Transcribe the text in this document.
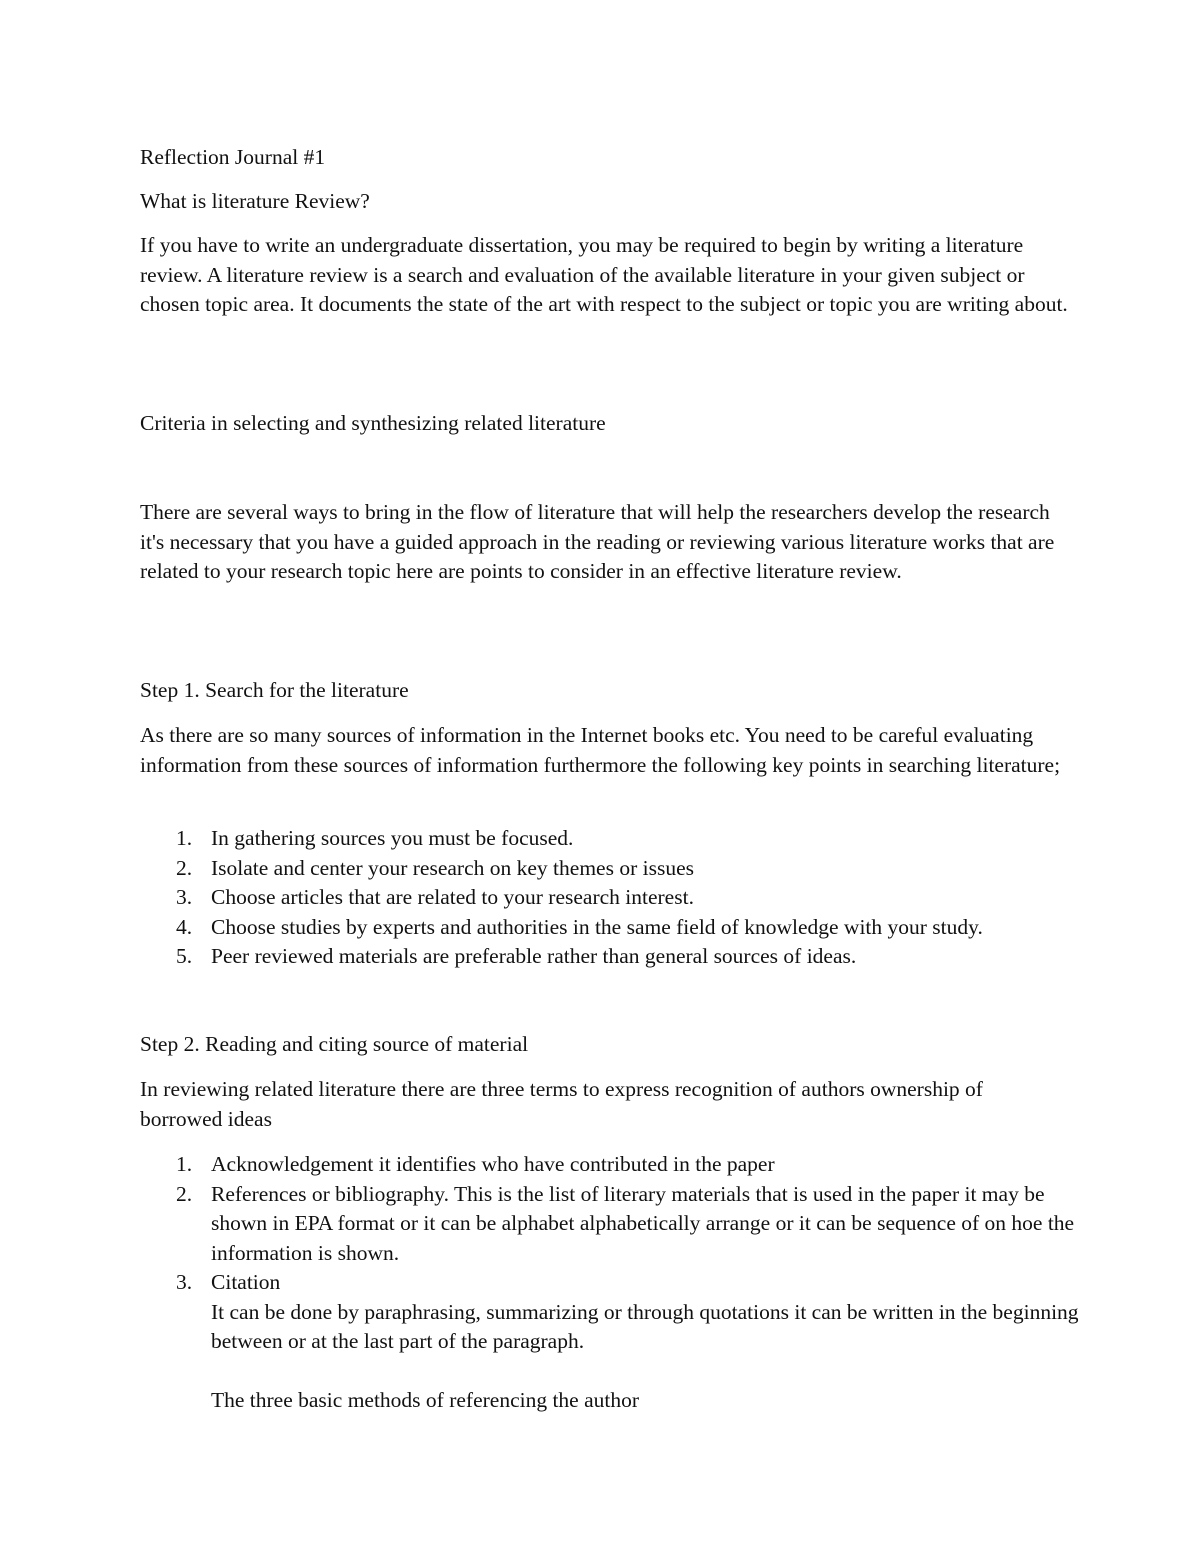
Reflection Journal #1

What is literature Review?

If you have to write an undergraduate dissertation, you may be required to begin by writing a literature review. A literature review is a search and evaluation of the available literature in your given subject or chosen topic area. It documents the state of the art with respect to the subject or topic you are writing about.

Criteria in selecting and synthesizing related literature

There are several ways to bring in the flow of literature that will help the researchers develop the research it's necessary that you have a guided approach in the reading or reviewing various literature works that are related to your research topic here are points to consider in an effective literature review.

Step 1. Search for the literature

As there are so many sources of information in the Internet books etc. You need to be careful evaluating information from these sources of information furthermore the following key points in searching literature;

1. In gathering sources you must be focused.
2. Isolate and center your research on key themes or issues
3. Choose articles that are related to your research interest.
4. Choose studies by experts and authorities in the same field of knowledge with your study.
5. Peer reviewed materials are preferable rather than general sources of ideas.

Step 2. Reading and citing source of material

In reviewing related literature there are three terms to express recognition of authors ownership of borrowed ideas

1. Acknowledgement it identifies who have contributed in the paper
2. References or bibliography. This is the list of literary materials that is used in the paper it may be shown in EPA format or it can be alphabet alphabetically arrange or it can be sequence of on hoe the information is shown.
3. Citation
It can be done by paraphrasing, summarizing or through quotations it can be written in the beginning between or at the last part of the paragraph.
The three basic methods of referencing the author
